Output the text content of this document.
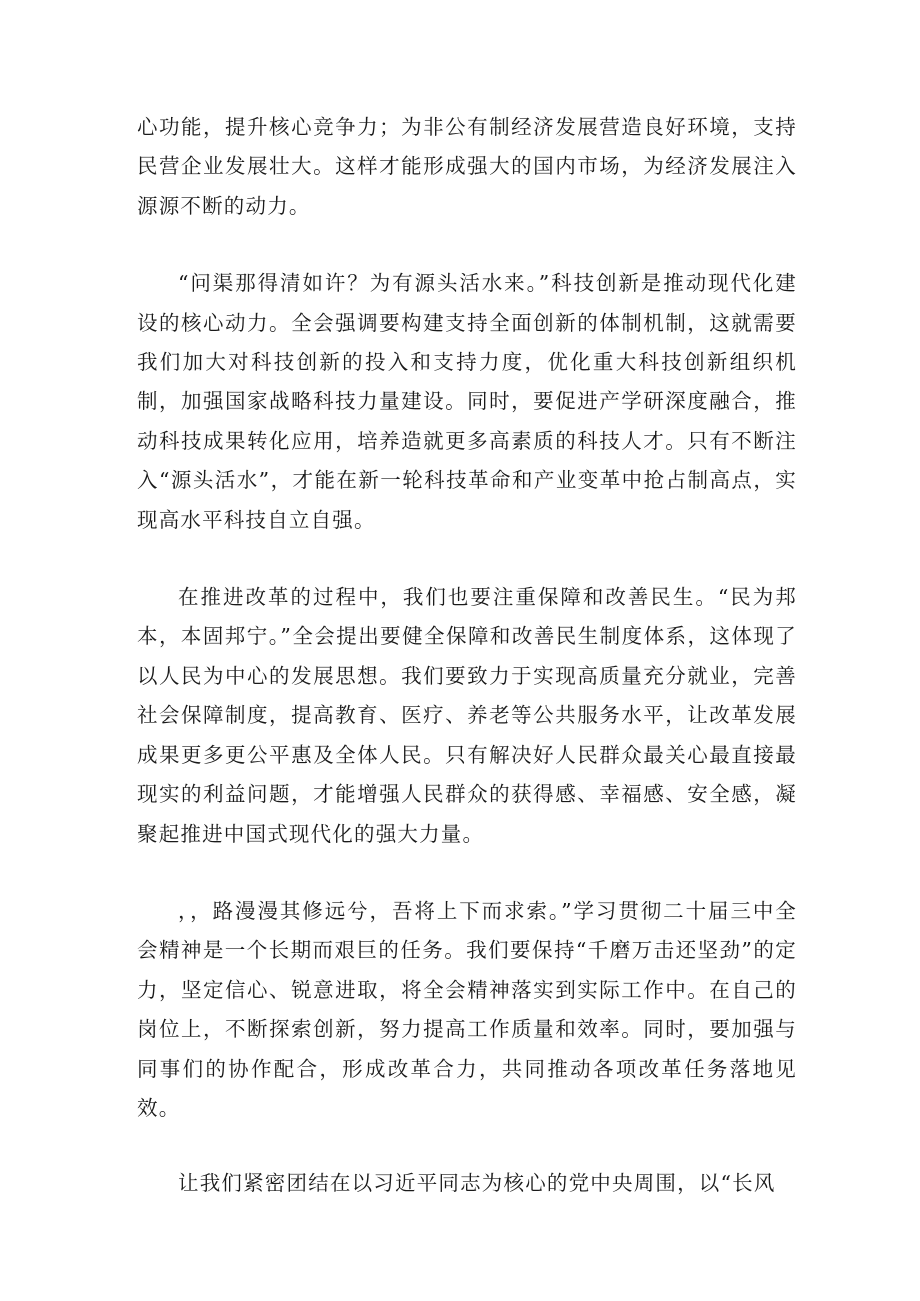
心功能，提升核心竞争力；为非公有制经济发展营造良好环境，支持民营企业发展壮大。这样才能形成强大的国内市场，为经济发展注入源源不断的动力。

“问渠那得清如许？为有源头活水来。”科技创新是推动现代化建设的核心动力。全会强调要构建支持全面创新的体制机制，这就需要我们加大对科技创新的投入和支持力度，优化重大科技创新组织机制，加强国家战略科技力量建设。同时，要促进产学研深度融合，推动科技成果转化应用，培养造就更多高素质的科技人才。只有不断注入“源头活水”，才能在新一轮科技革命和产业变革中抢占制高点，实现高水平科技自立自强。

在推进改革的过程中，我们也要注重保障和改善民生。“民为邦本，本固邦宁。”全会提出要健全保障和改善民生制度体系，这体现了以人民为中心的发展思想。我们要致力于实现高质量充分就业，完善社会保障制度，提高教育、医疗、养老等公共服务水平，让改革发展成果更多更公平惠及全体人民。只有解决好人民群众最关心最直接最现实的利益问题，才能增强人民群众的获得感、幸福感、安全感，凝聚起推进中国式现代化的强大力量。

，，路漫漫其修远兮，吾将上下而求索。”学习贯彻二十届三中全会精神是一个长期而艰巨的任务。我们要保持“千磨万击还坚劲”的定力，坚定信心、锐意进取，将全会精神落实到实际工作中。在自己的岗位上，不断探索创新，努力提高工作质量和效率。同时，要加强与同事们的协作配合，形成改革合力，共同推动各项改革任务落地见效。

让我们紧密团结在以习近平同志为核心的党中央周围，以“长风
